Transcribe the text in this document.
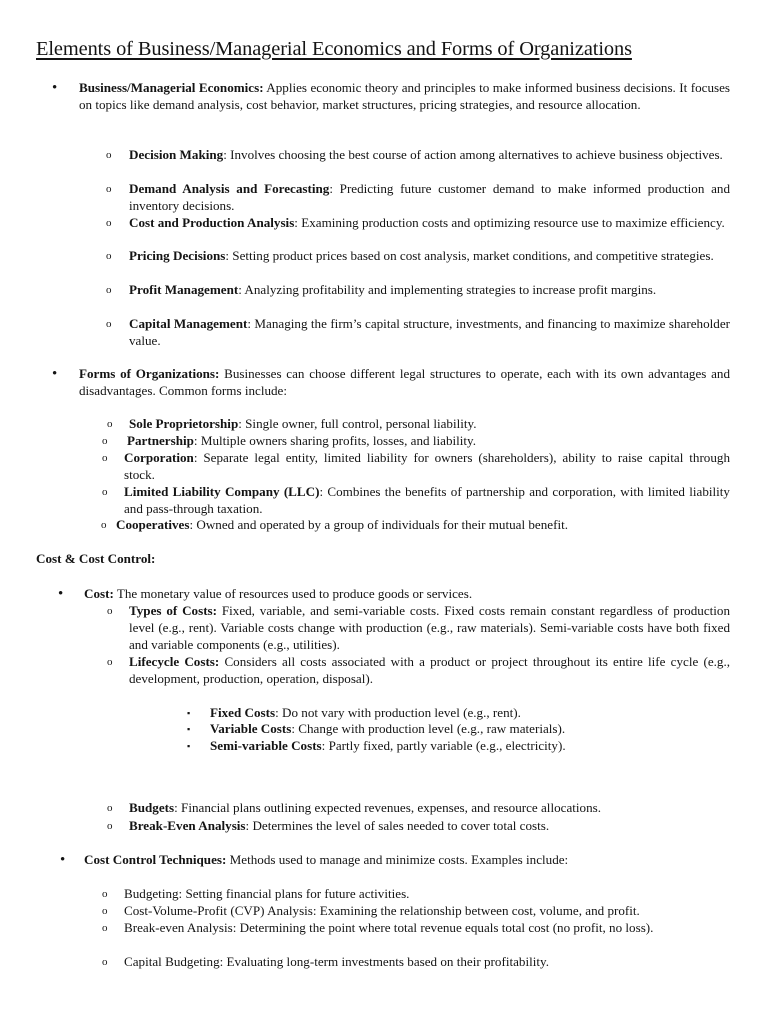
Elements of Business/Managerial Economics and Forms of Organizations
• Business/Managerial Economics: Applies economic theory and principles to make informed business decisions. It focuses on topics like demand analysis, cost behavior, market structures, pricing strategies, and resource allocation.
o Decision Making: Involves choosing the best course of action among alternatives to achieve business objectives.
o Demand Analysis and Forecasting: Predicting future customer demand to make informed production and inventory decisions.
o Cost and Production Analysis: Examining production costs and optimizing resource use to maximize efficiency.
o Pricing Decisions: Setting product prices based on cost analysis, market conditions, and competitive strategies.
o Profit Management: Analyzing profitability and implementing strategies to increase profit margins.
o Capital Management: Managing the firm’s capital structure, investments, and financing to maximize shareholder value.
• Forms of Organizations: Businesses can choose different legal structures to operate, each with its own advantages and disadvantages. Common forms include:
o Sole Proprietorship: Single owner, full control, personal liability.
o Partnership: Multiple owners sharing profits, losses, and liability.
o Corporation: Separate legal entity, limited liability for owners (shareholders), ability to raise capital through stock.
o Limited Liability Company (LLC): Combines the benefits of partnership and corporation, with limited liability and pass-through taxation.
o Cooperatives: Owned and operated by a group of individuals for their mutual benefit.
Cost & Cost Control:
• Cost: The monetary value of resources used to produce goods or services.
o Types of Costs: Fixed, variable, and semi-variable costs. Fixed costs remain constant regardless of production level (e.g., rent). Variable costs change with production (e.g., raw materials). Semi-variable costs have both fixed and variable components (e.g., utilities).
o Lifecycle Costs: Considers all costs associated with a product or project throughout its entire life cycle (e.g., development, production, operation, disposal).
▪ Fixed Costs: Do not vary with production level (e.g., rent).
▪ Variable Costs: Change with production level (e.g., raw materials).
▪ Semi-variable Costs: Partly fixed, partly variable (e.g., electricity).
o Budgets: Financial plans outlining expected revenues, expenses, and resource allocations.
o Break-Even Analysis: Determines the level of sales needed to cover total costs.
• Cost Control Techniques: Methods used to manage and minimize costs. Examples include:
o Budgeting: Setting financial plans for future activities.
o Cost-Volume-Profit (CVP) Analysis: Examining the relationship between cost, volume, and profit.
o Break-even Analysis: Determining the point where total revenue equals total cost (no profit, no loss).
o Capital Budgeting: Evaluating long-term investments based on their profitability.
